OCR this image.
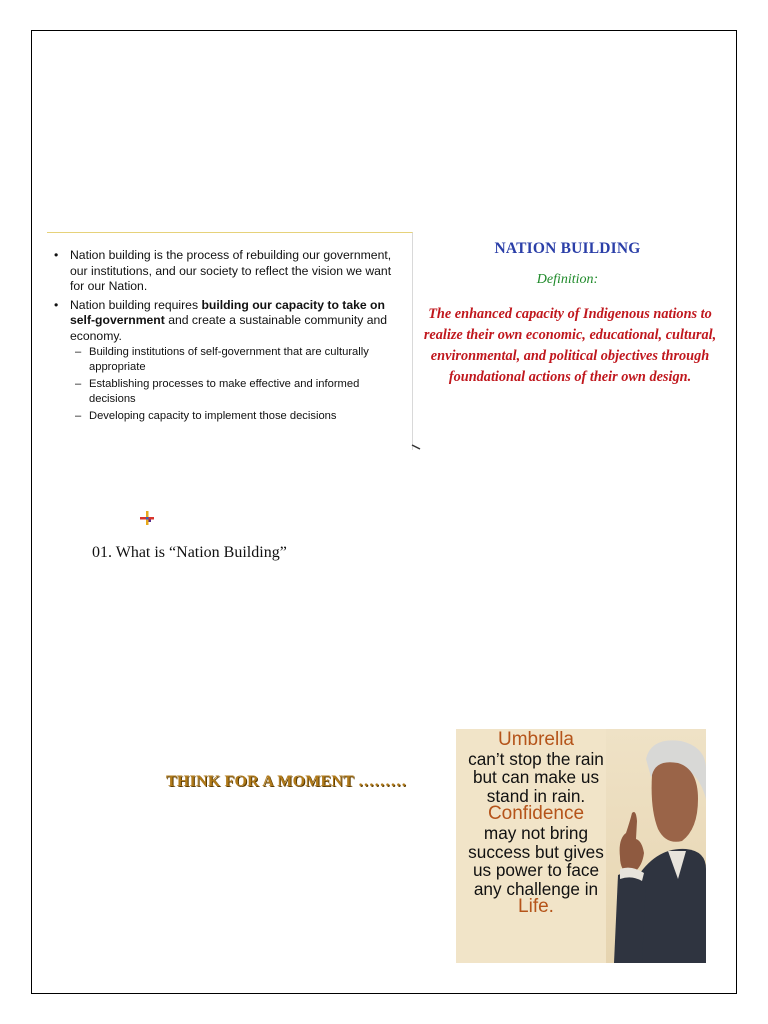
• Nation building is the process of rebuilding our government, our institutions, and our society to reflect the vision we want for our Nation.
• Nation building requires building our capacity to take on self-government and create a sustainable community and economy.
– Building institutions of self-government that are culturally appropriate
– Establishing processes to make effective and informed decisions
– Developing capacity to implement those decisions
NATION BUILDING
Definition:
The enhanced capacity of Indigenous nations to realize their own economic, educational, cultural, environmental, and political objectives through foundational actions of their own design.
01. What is “Nation Building”
THINK FOR A MOMENT ………
Umbrella
can’t stop the rain but can make us stand in rain.
Confidence
may not bring success but gives us power to face any challenge in
Life.
